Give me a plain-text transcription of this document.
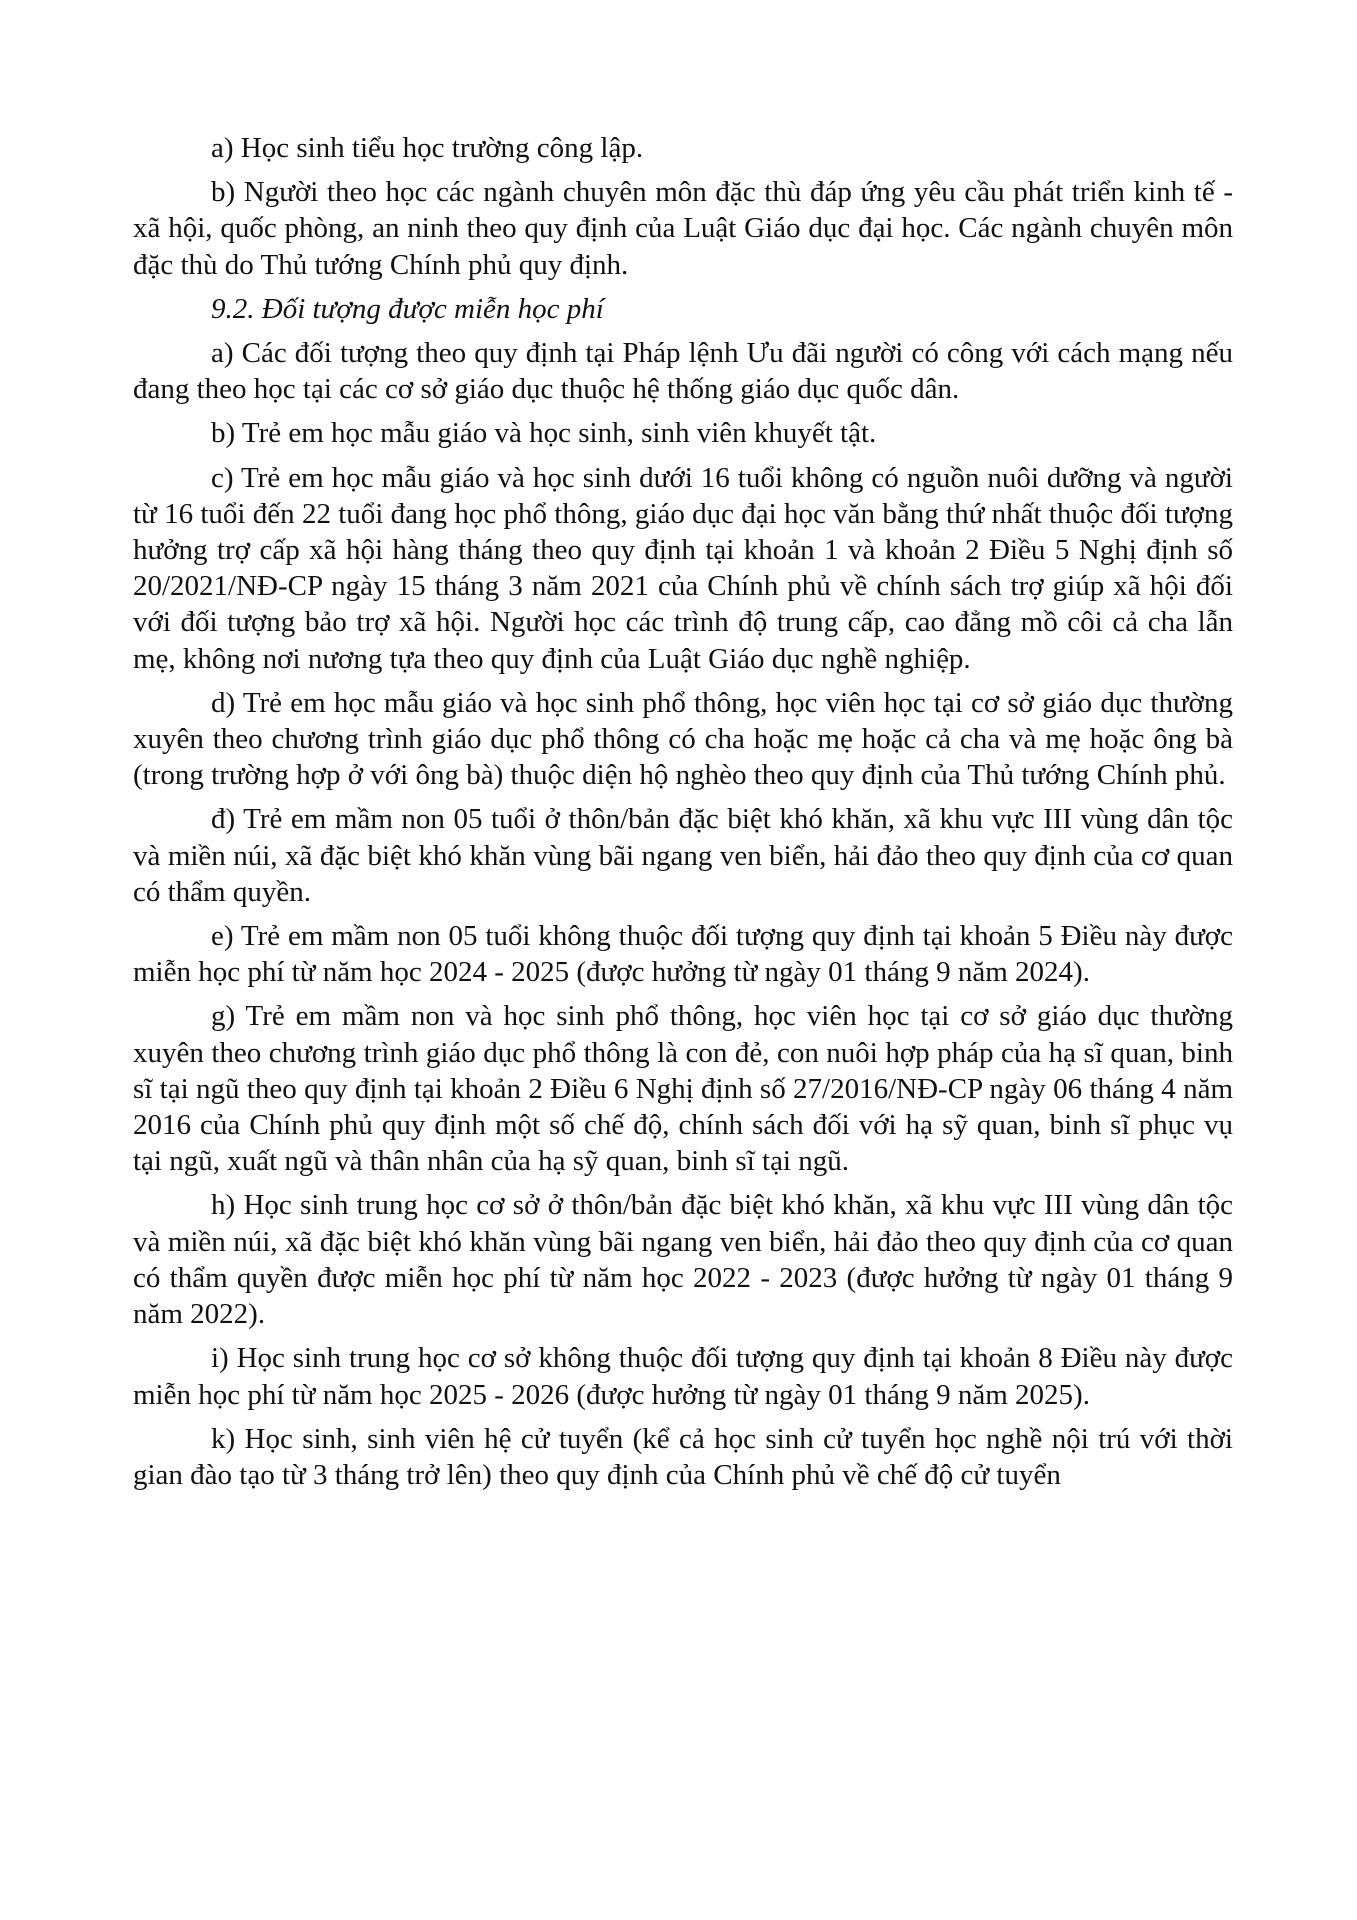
a) Học sinh tiểu học trường công lập.

b) Người theo học các ngành chuyên môn đặc thù đáp ứng yêu cầu phát triển kinh tế - xã hội, quốc phòng, an ninh theo quy định của Luật Giáo dục đại học. Các ngành chuyên môn đặc thù do Thủ tướng Chính phủ quy định.

9.2. Đối tượng được miễn học phí

a) Các đối tượng theo quy định tại Pháp lệnh Ưu đãi người có công với cách mạng nếu đang theo học tại các cơ sở giáo dục thuộc hệ thống giáo dục quốc dân.

b) Trẻ em học mẫu giáo và học sinh, sinh viên khuyết tật.

c) Trẻ em học mẫu giáo và học sinh dưới 16 tuổi không có nguồn nuôi dưỡng và người từ 16 tuổi đến 22 tuổi đang học phổ thông, giáo dục đại học văn bằng thứ nhất thuộc đối tượng hưởng trợ cấp xã hội hàng tháng theo quy định tại khoản 1 và khoản 2 Điều 5 Nghị định số 20/2021/NĐ-CP ngày 15 tháng 3 năm 2021 của Chính phủ về chính sách trợ giúp xã hội đối với đối tượng bảo trợ xã hội. Người học các trình độ trung cấp, cao đẳng mồ côi cả cha lẫn mẹ, không nơi nương tựa theo quy định của Luật Giáo dục nghề nghiệp.

d) Trẻ em học mẫu giáo và học sinh phổ thông, học viên học tại cơ sở giáo dục thường xuyên theo chương trình giáo dục phổ thông có cha hoặc mẹ hoặc cả cha và mẹ hoặc ông bà (trong trường hợp ở với ông bà) thuộc diện hộ nghèo theo quy định của Thủ tướng Chính phủ.

đ) Trẻ em mầm non 05 tuổi ở thôn/bản đặc biệt khó khăn, xã khu vực III vùng dân tộc và miền núi, xã đặc biệt khó khăn vùng bãi ngang ven biển, hải đảo theo quy định của cơ quan có thẩm quyền.

e) Trẻ em mầm non 05 tuổi không thuộc đối tượng quy định tại khoản 5 Điều này được miễn học phí từ năm học 2024 - 2025 (được hưởng từ ngày 01 tháng 9 năm 2024).

g) Trẻ em mầm non và học sinh phổ thông, học viên học tại cơ sở giáo dục thường xuyên theo chương trình giáo dục phổ thông là con đẻ, con nuôi hợp pháp của hạ sĩ quan, binh sĩ tại ngũ theo quy định tại khoản 2 Điều 6 Nghị định số 27/2016/NĐ-CP ngày 06 tháng 4 năm 2016 của Chính phủ quy định một số chế độ, chính sách đối với hạ sỹ quan, binh sĩ phục vụ tại ngũ, xuất ngũ và thân nhân của hạ sỹ quan, binh sĩ tại ngũ.

h) Học sinh trung học cơ sở ở thôn/bản đặc biệt khó khăn, xã khu vực III vùng dân tộc và miền núi, xã đặc biệt khó khăn vùng bãi ngang ven biển, hải đảo theo quy định của cơ quan có thẩm quyền được miễn học phí từ năm học 2022 - 2023 (được hưởng từ ngày 01 tháng 9 năm 2022).

i) Học sinh trung học cơ sở không thuộc đối tượng quy định tại khoản 8 Điều này được miễn học phí từ năm học 2025 - 2026 (được hưởng từ ngày 01 tháng 9 năm 2025).

k) Học sinh, sinh viên hệ cử tuyển (kể cả học sinh cử tuyển học nghề nội trú với thời gian đào tạo từ 3 tháng trở lên) theo quy định của Chính phủ về chế độ cử tuyển
